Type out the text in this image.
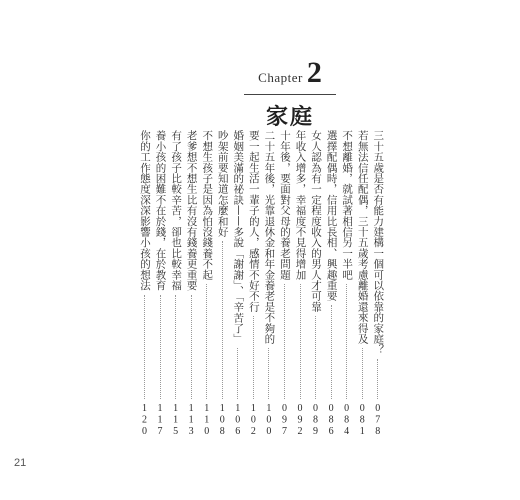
Chapter 2
家庭
三十五歲是否有能力建構一個可以依靠的家庭？
078
若無法信任配偶，三十五歲考慮離婚還來得及
081
不想離婚，就試著相信另一半吧
084
選擇配偶時，信用比長相、興趣重要
086
女人認為有一定程度收入的男人才可靠
089
年收入增多，幸福度不見得增加
092
十年後，要面對父母的養老問題
097
二十五年後，光靠退休金和年金養老是不夠的
100
要一起生活一輩子的人，感情不好不行
102
婚姻美滿的祕訣——多說「謝謝」、「辛苦了」
106
吵架前要知道怎麼和好
108
不想生孩子是因為怕沒錢養不起
110
老爹想不想生比有沒有錢養更重要
113
有了孩子比較辛苦，卻也比較幸福
115
養小孩的困難不在於錢，在於教育
117
你的工作態度深深影響小孩的想法
120
21
